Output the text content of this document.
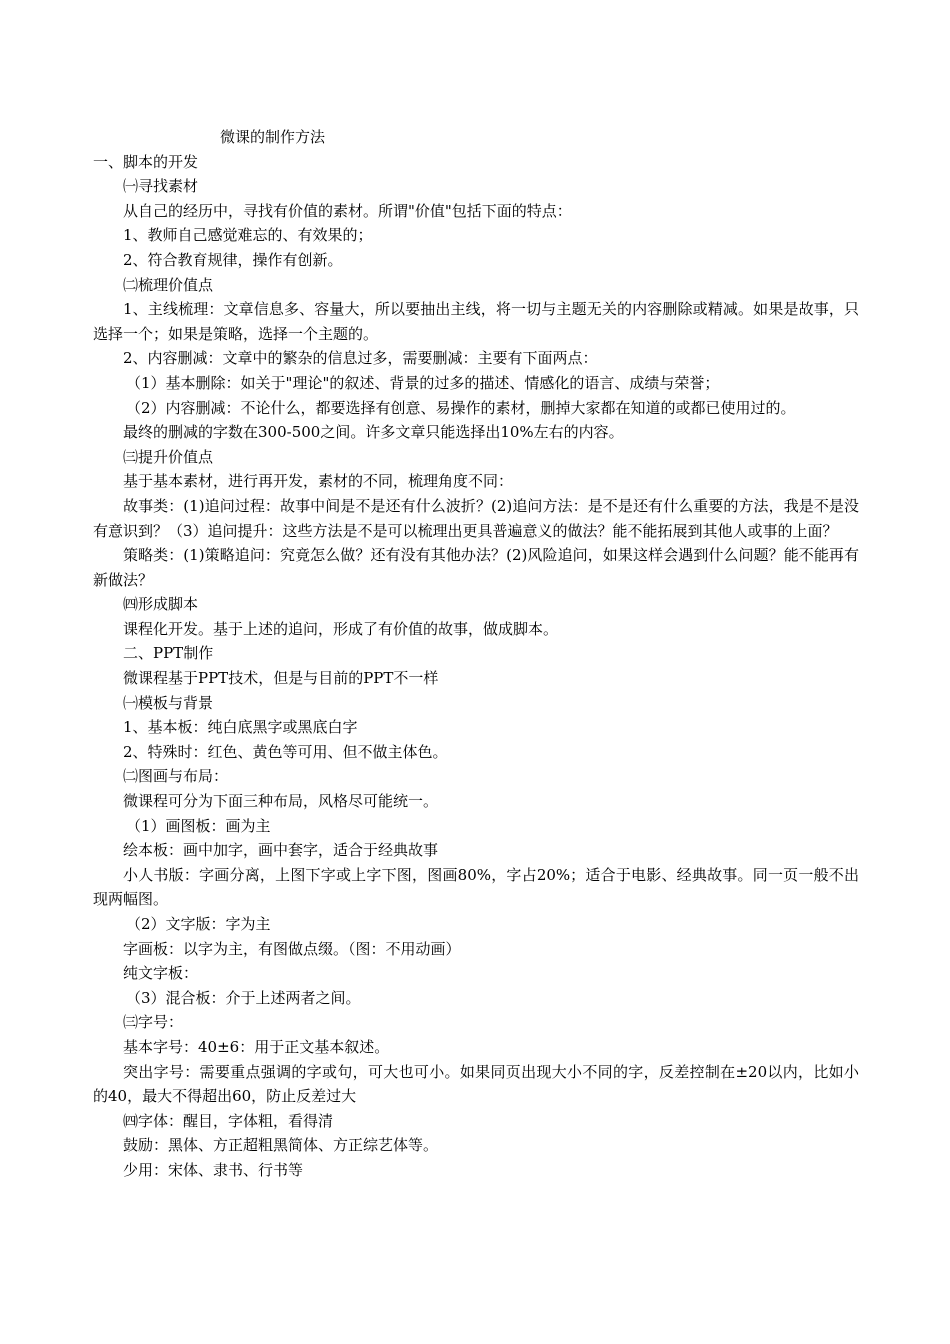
微课的制作方法

一、脚本的开发

㈠寻找素材

从自己的经历中，寻找有价值的素材。所谓"价值"包括下面的特点：

1、教师自己感觉难忘的、有效果的；

2、符合教育规律，操作有创新。

㈡梳理价值点

1、主线梳理：文章信息多、容量大，所以要抽出主线，将一切与主题无关的内容删除或精减。如果是故事，只选择一个；如果是策略，选择一个主题的。

2、内容删减：文章中的繁杂的信息过多，需要删减：主要有下面两点：

（1）基本删除：如关于"理论"的叙述、背景的过多的描述、情感化的语言、成绩与荣誉；

（2）内容删减：不论什么，都要选择有创意、易操作的素材，删掉大家都在知道的或都已使用过的。

最终的删减的字数在300-500之间。许多文章只能选择出10%左右的内容。

㈢提升价值点

基于基本素材，进行再开发，素材的不同，梳理角度不同：

故事类：(1)追问过程：故事中间是不是还有什么波折？(2)追问方法：是不是还有什么重要的方法，我是不是没有意识到？（3）追问提升：这些方法是不是可以梳理出更具普遍意义的做法？能不能拓展到其他人或事的上面？

策略类：(1)策略追问：究竟怎么做？还有没有其他办法？(2)风险追问，如果这样会遇到什么问题？能不能再有新做法？

㈣形成脚本

课程化开发。基于上述的追问，形成了有价值的故事，做成脚本。

二、PPT制作

微课程基于PPT技术，但是与目前的PPT不一样

㈠模板与背景

1、基本板：纯白底黑字或黑底白字

2、特殊时：红色、黄色等可用、但不做主体色。

㈡图画与布局：

微课程可分为下面三种布局，风格尽可能统一。

（1）画图板：画为主

绘本板：画中加字，画中套字，适合于经典故事

小人书版：字画分离，上图下字或上字下图，图画80%，字占20%；适合于电影、经典故事。同一页一般不出现两幅图。

（2）文字版：字为主

字画板：以字为主，有图做点缀。（图：不用动画）

纯文字板：

（3）混合板：介于上述两者之间。

㈢字号：

基本字号：40±6：用于正文基本叙述。

突出字号：需要重点强调的字或句，可大也可小。如果同页出现大小不同的字，反差控制在±20以内，比如小的40，最大不得超出60，防止反差过大

㈣字体：醒目，字体粗，看得清

鼓励：黑体、方正超粗黑简体、方正综艺体等。

少用：宋体、隶书、行书等
